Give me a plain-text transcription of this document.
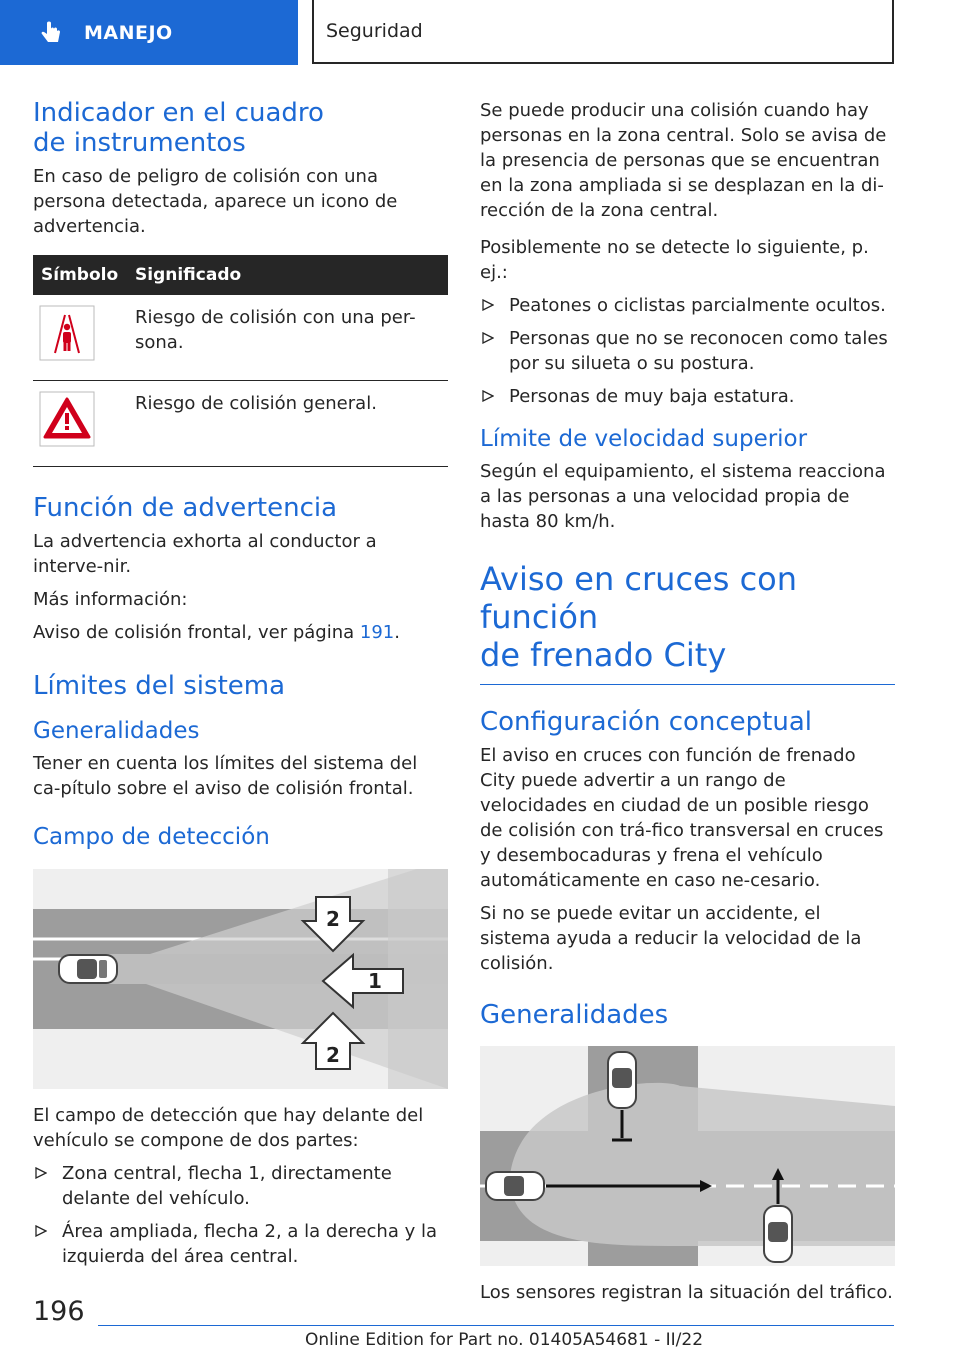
MANEJO	Seguridad
Indicador en el cuadro
de instrumentos

En caso de peligro de colisión con una persona detectada, aparece un icono de advertencia.

Símbolo	Significado
	Riesgo de colisión con una per-sona.
	Riesgo de colisión general.
Función de advertencia

La advertencia exhorta al conductor a interve-nir.

Más información:

Aviso de colisión frontal, ver página 191.

Límites del sistema
Generalidades

Tener en cuenta los límites del sistema del ca-pítulo sobre el aviso de colisión frontal.

Campo de detección
2
1
2

El campo de detección que hay delante del vehículo se compone de dos partes:

Zona central, flecha 1, directamente delante del vehículo.
Área ampliada, flecha 2, a la derecha y la izquierda del área central.

Se puede producir una colisión cuando hay personas en la zona central. Solo se avisa de la presencia de personas que se encuentran en la zona ampliada si se desplazan en la di-rección de la zona central.

Posiblemente no se detecte lo siguiente, p. ej.:

Peatones o ciclistas parcialmente ocultos.
Personas que no se reconocen como tales por su silueta o su postura.
Personas de muy baja estatura.
Límite de velocidad superior

Según el equipamiento, el sistema reacciona a las personas a una velocidad propia de hasta 80 km/h.

Aviso en cruces con función
de frenado City
Configuración conceptual

El aviso en cruces con función de frenado City puede advertir a un rango de velocidades en ciudad de un posible riesgo de colisión con trá-fico transversal en cruces y desembocaduras y frena el vehículo automáticamente en caso ne-cesario.

Si no se puede evitar un accidente, el sistema ayuda a reducir la velocidad de la colisión.

Generalidades

Los sensores registran la situación del tráfico.

196
Online Edition for Part no. 01405A54681 - II/22
